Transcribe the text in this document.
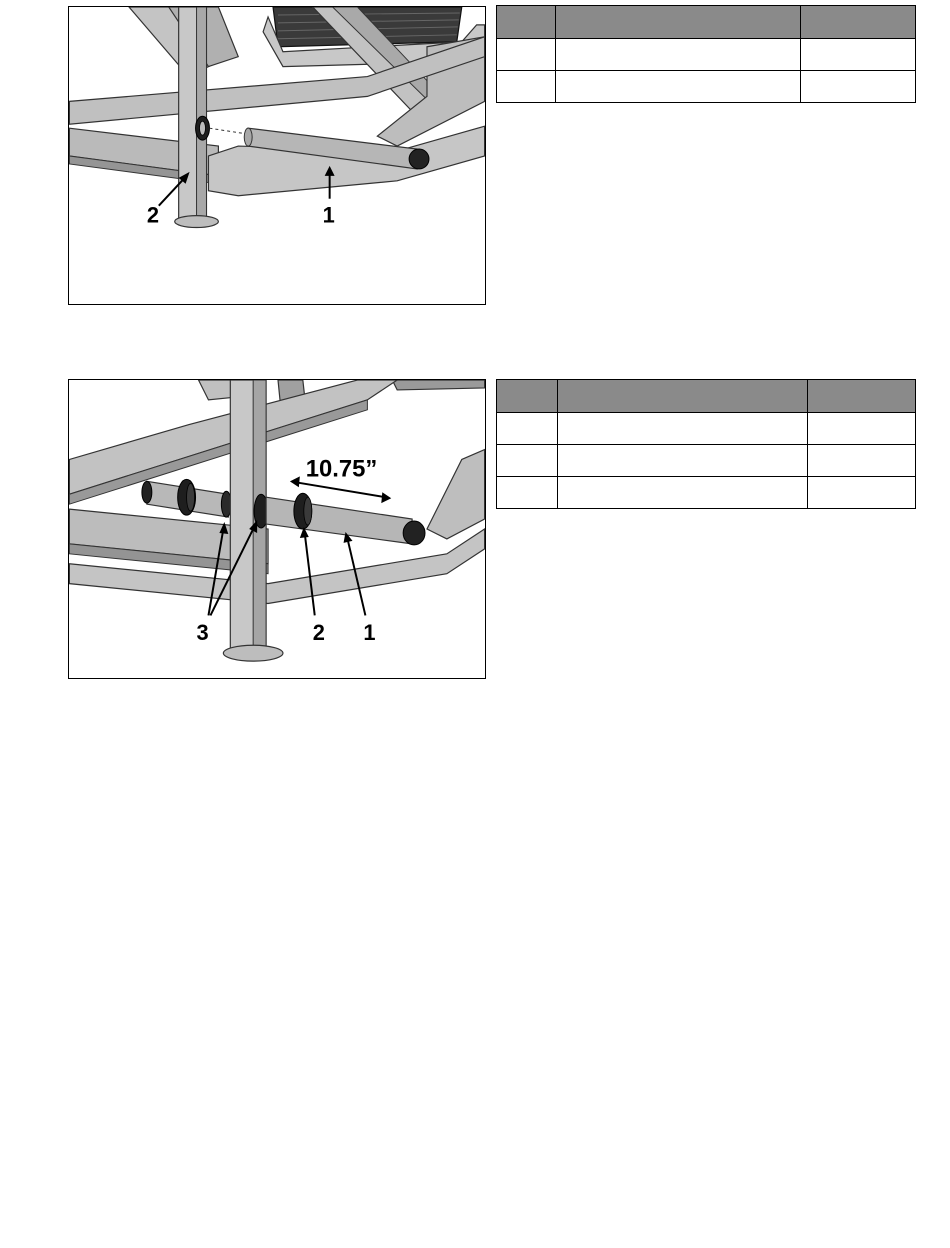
2	1

10.75”
3	2 1
